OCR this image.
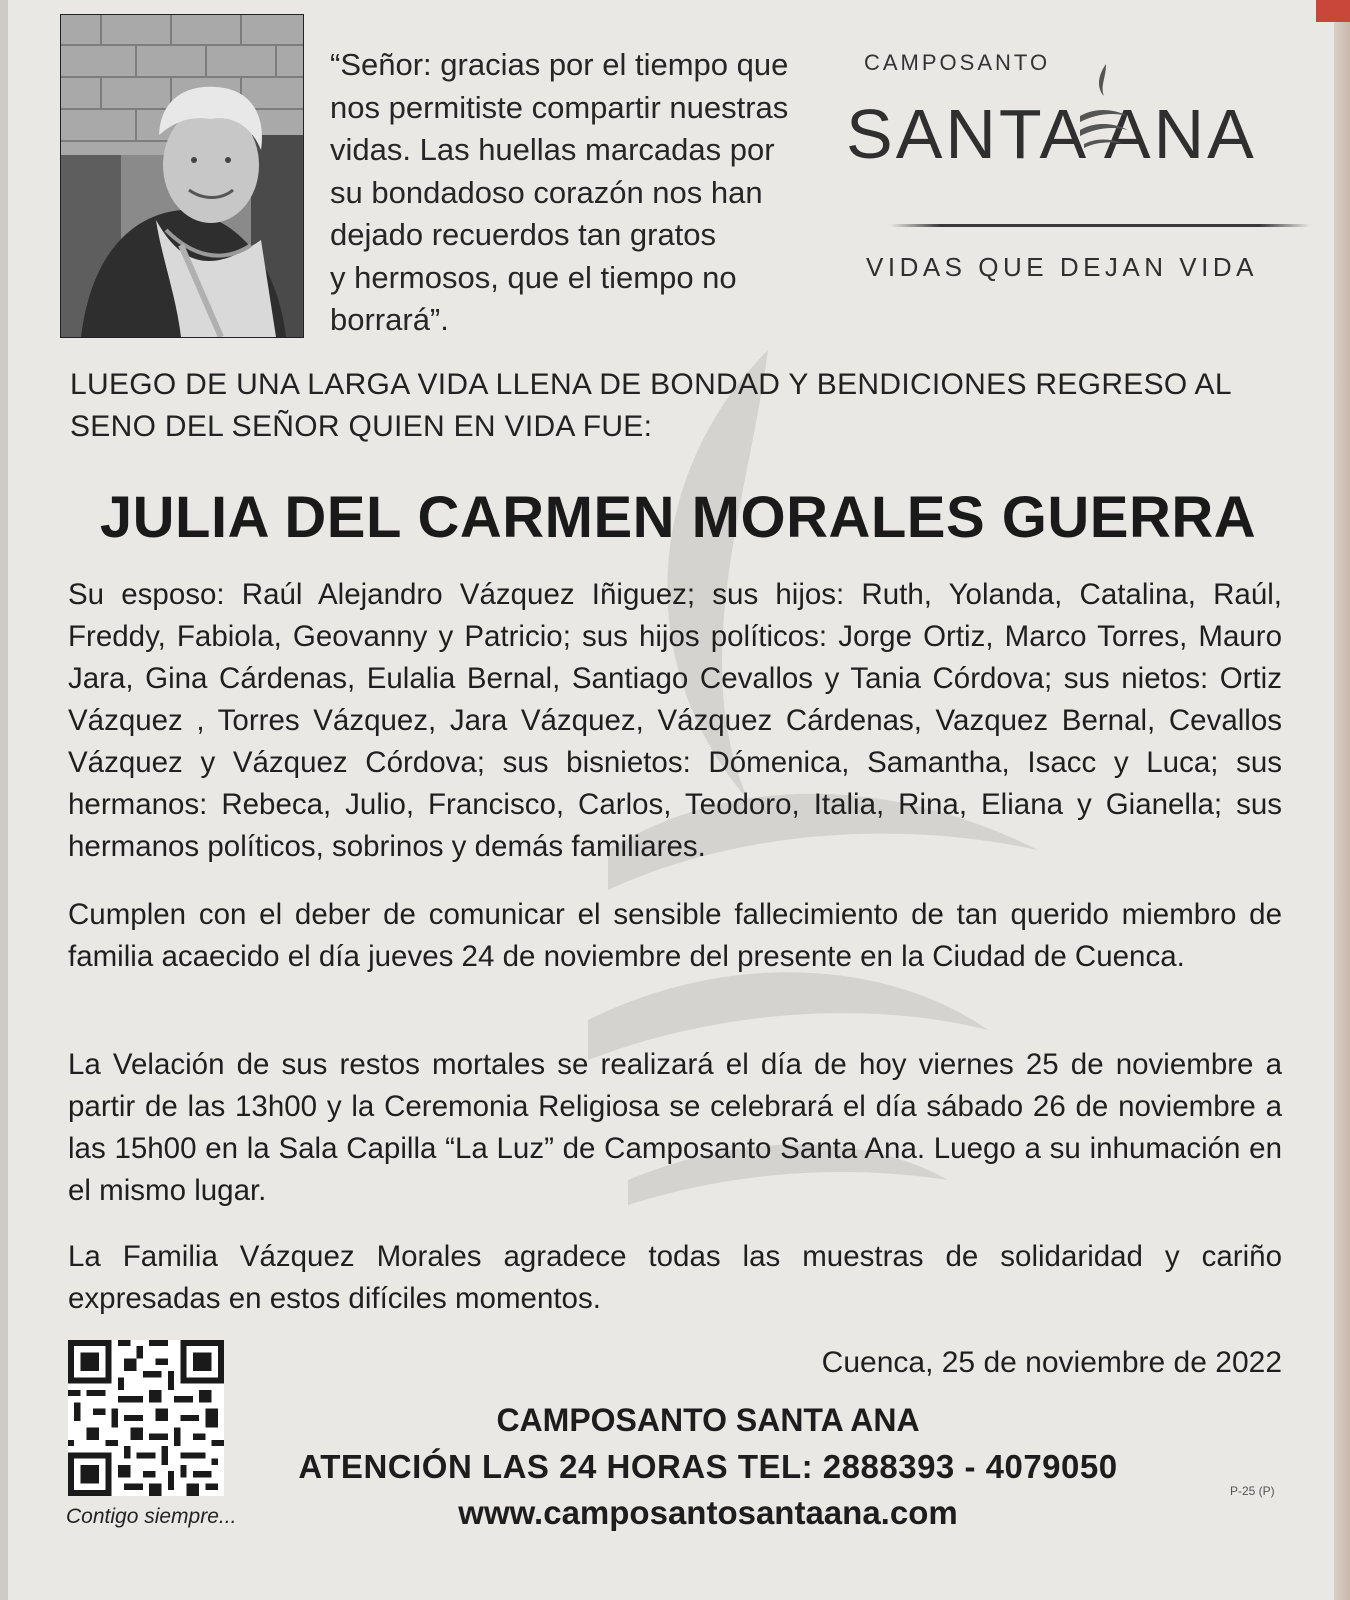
“Señor: gracias por el tiempo que

nos permitiste compartir nuestras

vidas. Las huellas marcadas por

su bondadoso corazón nos han

dejado recuerdos tan gratos

y hermosos, que el tiempo no

borrará”.

CAMPOSANTO
SANTA ANA
VIDAS QUE DEJAN VIDA
LUEGO DE UNA LARGA VIDA LLENA DE BONDAD Y BENDICIONES REGRESO AL SENO DEL SEÑOR QUIEN EN VIDA FUE:
JULIA DEL CARMEN MORALES GUERRA
Su esposo: Raúl Alejandro Vázquez Iñiguez; sus hijos: Ruth, Yolanda, Catalina, Raúl, Freddy, Fabiola, Geovanny y Patricio; sus hijos políticos: Jorge Ortiz, Marco Torres, Mauro Jara, Gina Cárdenas, Eulalia Bernal, Santiago Cevallos y Tania Córdova; sus nietos: Ortiz Vázquez , Torres Vázquez, Jara Vázquez, Vázquez Cárdenas, Vazquez Bernal, Cevallos Vázquez y Vázquez Córdova; sus bisnietos: Dómenica, Samantha, Isacc y Luca; sus hermanos: Rebeca, Julio, Francisco, Carlos, Teodoro, Italia, Rina, Eliana y Gianella; sus hermanos políticos, sobrinos y demás familiares.
Cumplen con el deber de comunicar el sensible fallecimiento de tan querido miembro de familia acaecido el día jueves 24 de noviembre del presente en la Ciudad de Cuenca.
La Velación de sus restos mortales se realizará el día de hoy viernes 25 de noviembre a partir de las 13h00 y la Ceremonia Religiosa se celebrará el día sábado 26 de noviembre a las 15h00 en la Sala Capilla “La Luz” de Camposanto Santa Ana. Luego a su inhumación en el mismo lugar.
La Familia Vázquez Morales agradece todas las muestras de solidaridad y cariño expresadas en estos difíciles momentos.
Contigo siempre...
Cuenca, 25 de noviembre de 2022
CAMPOSANTO SANTA ANA
ATENCIÓN LAS 24 HORAS TEL: 2888393 - 4079050
www.camposantosantaana.com
P-25 (P)
